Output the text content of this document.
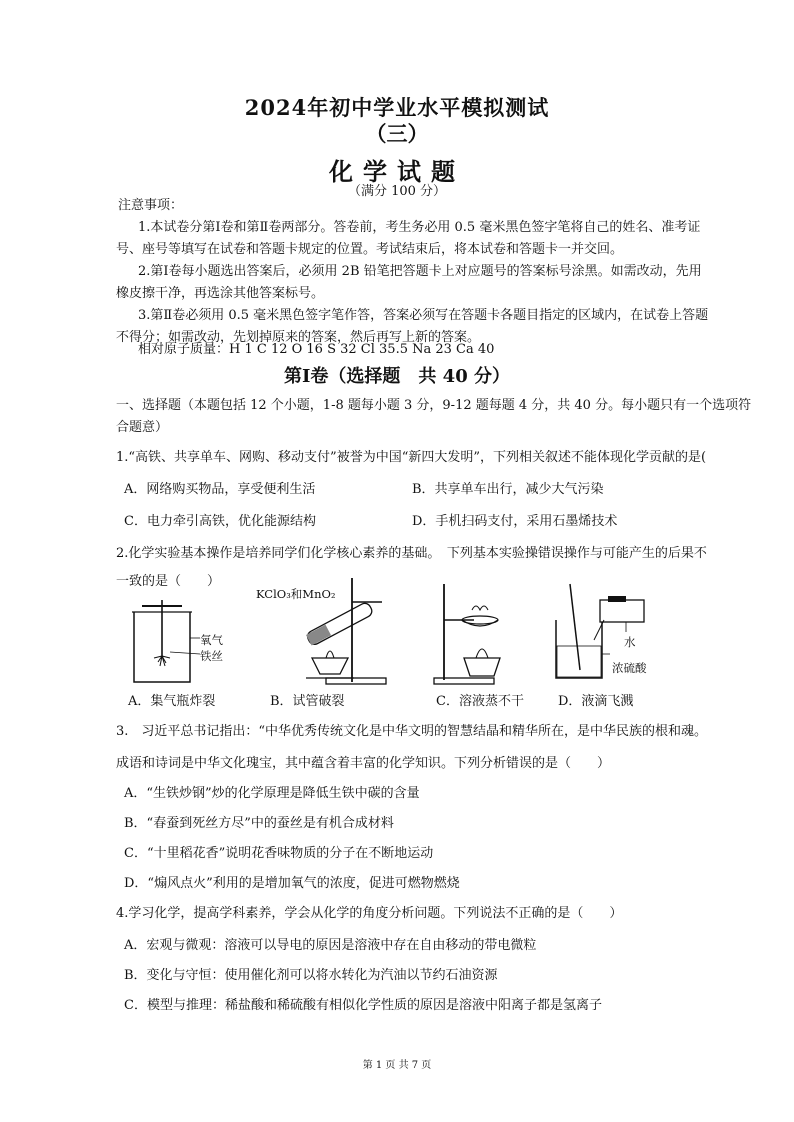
2024年初中学业水平模拟测试
（三）
化学试题
（满分 100 分）
注意事项：
1.本试卷分第Ⅰ卷和第Ⅱ卷两部分。答卷前，考生务必用 0.5 毫米黑色签字笔将自己的姓名、准考证
号、座号等填写在试卷和答题卡规定的位置。考试结束后，将本试卷和答题卡一并交回。
2.第Ⅰ卷每小题选出答案后，必须用 2B 铅笔把答题卡上对应题号的答案标号涂黑。如需改动，先用
橡皮擦干净，再选涂其他答案标号。
3.第Ⅱ卷必须用 0.5 毫米黑色签字笔作答，答案必须写在答题卡各题目指定的区域内，在试卷上答题
不得分；如需改动，先划掉原来的答案，然后再写上新的答案。
相对原子质量：H 1 C 12 O 16 S 32 Cl 35.5 Na 23 Ca 40
第Ⅰ卷（选择题　共 40 分）
一、选择题（本题包括 12 个小题，1-8 题每小题 3 分，9-12 题每题 4 分，共 40 分。每小题只有一个选项符
合题意）
1.“高铁、共享单车、网购、移动支付”被誉为中国“新四大发明”，下列相关叙述不能体现化学贡献的是(
A．网络购买物品，享受便利生活	B．共享单车出行，减少大气污染
C．电力牵引高铁，优化能源结构	D．手机扫码支付，采用石墨烯技术
2.化学实验基本操作是培养同学们化学核心素养的基础。　下列基本实验操错误操作与可能产生的后果不
一致的是（　　）
氧气
铁丝
KClO₃和MnO₂
水
浓硫酸
A．集气瓶炸裂	B．试管破裂	C．溶液蒸不干	D．液滴飞溅
3.　习近平总书记指出：“中华优秀传统文化是中华文明的智慧结晶和精华所在，是中华民族的根和魂。
成语和诗词是中华文化瑰宝，其中蕴含着丰富的化学知识。下列分析错误的是（　　）
A．“生铁炒钢”炒的化学原理是降低生铁中碳的含量
B．“春蚕到死丝方尽”中的蚕丝是有机合成材料
C．“十里稻花香”说明花香味物质的分子在不断地运动
D．“煽风点火”利用的是增加氧气的浓度，促进可燃物燃烧
4.学习化学，提高学科素养，学会从化学的角度分析问题。下列说法不正确的是（　　）
A．宏观与微观：溶液可以导电的原因是溶液中存在自由移动的带电微粒
B．变化与守恒：使用催化剂可以将水转化为汽油以节约石油资源
C．模型与推理：稀盐酸和稀硫酸有相似化学性质的原因是溶液中阳离子都是氢离子
第 1 页 共 7 页
